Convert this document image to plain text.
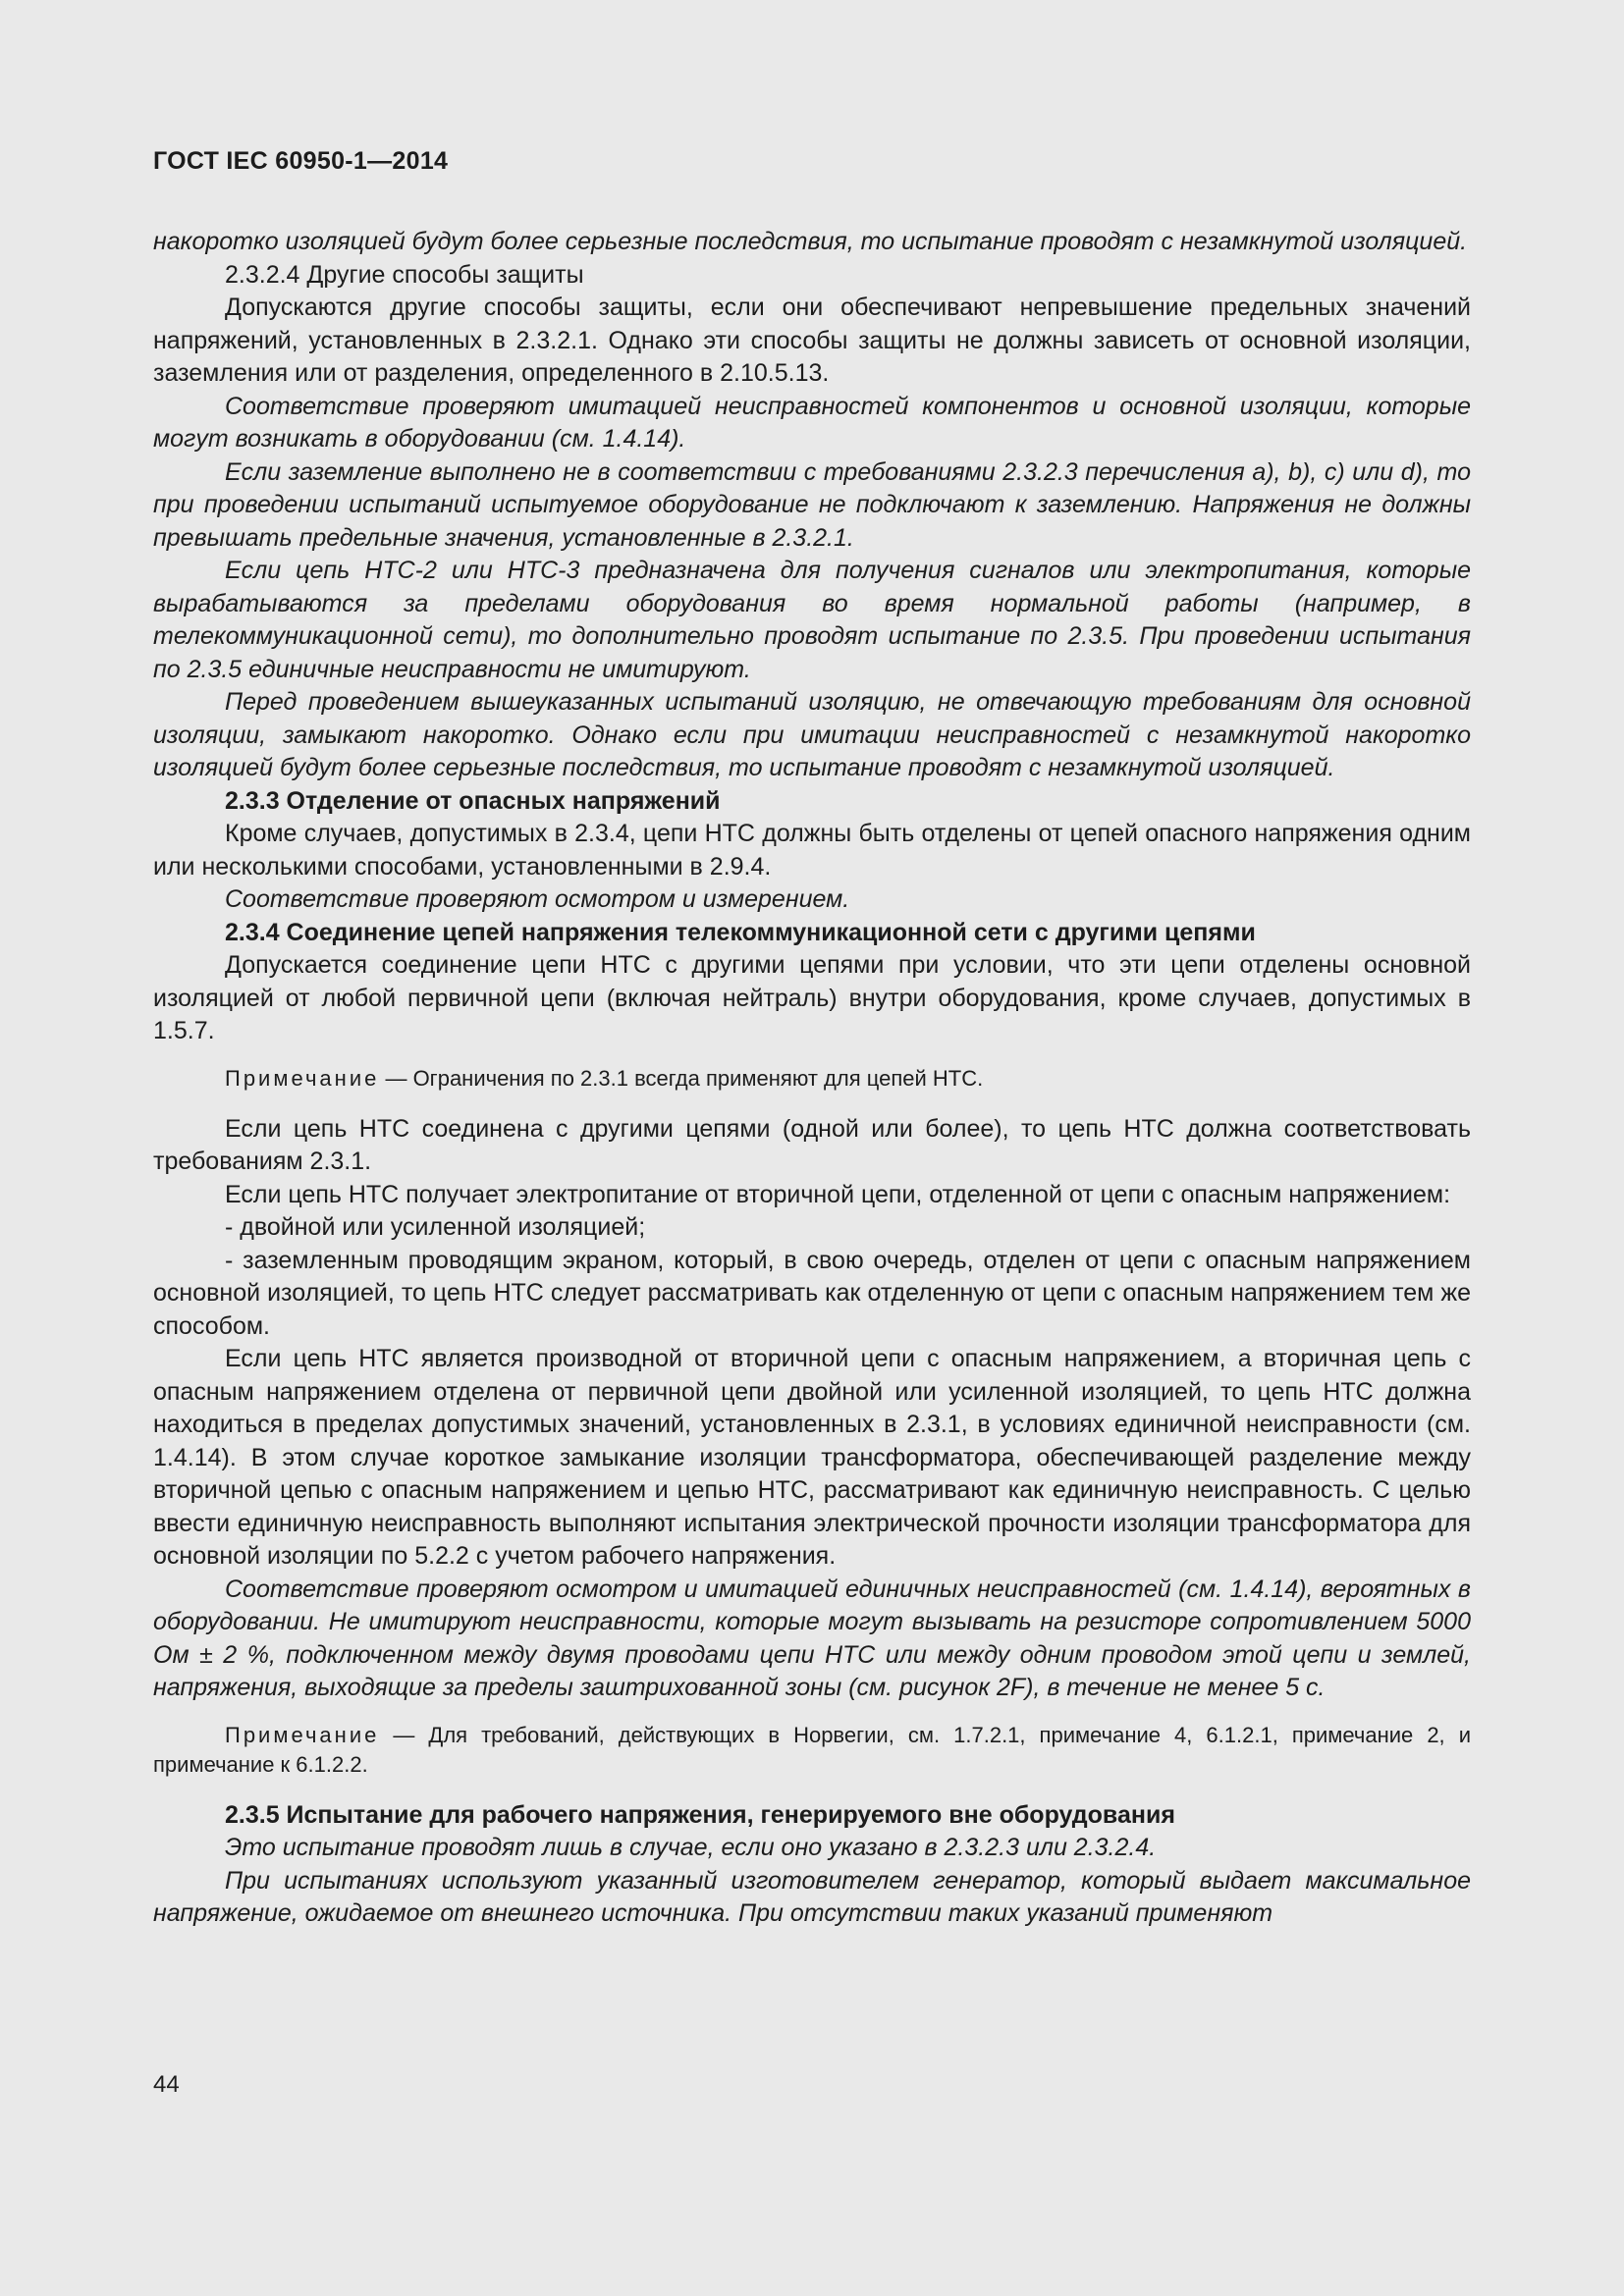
ГОСТ IEC 60950-1—2014

накоротко изоляцией будут более серьезные последствия, то испытание проводят с незамкнутой изоляцией.

2.3.2.4 Другие способы защиты

Допускаются другие способы защиты, если они обеспечивают непревышение предельных значений напряжений, установленных в 2.3.2.1. Однако эти способы защиты не должны зависеть от основной изоляции, заземления или от разделения, определенного в 2.10.5.13.

Соответствие проверяют имитацией неисправностей компонентов и основной изоляции, которые могут возникать в оборудовании (см. 1.4.14).

Если заземление выполнено не в соответствии с требованиями 2.3.2.3 перечисления a), b), c) или d), то при проведении испытаний испытуемое оборудование не подключают к заземлению. Напряжения не должны превышать предельные значения, установленные в 2.3.2.1.

Если цепь НТС-2 или НТС-3 предназначена для получения сигналов или электропитания, которые вырабатываются за пределами оборудования во время нормальной работы (например, в телекоммуникационной сети), то дополнительно проводят испытание по 2.3.5. При проведении испытания по 2.3.5 единичные неисправности не имитируют.

Перед проведением вышеуказанных испытаний изоляцию, не отвечающую требованиям для основной изоляции, замыкают накоротко. Однако если при имитации неисправностей с незамкнутой накоротко изоляцией будут более серьезные последствия, то испытание проводят с незамкнутой изоляцией.

2.3.3 Отделение от опасных напряжений

Кроме случаев, допустимых в 2.3.4, цепи НТС должны быть отделены от цепей опасного напряжения одним или несколькими способами, установленными в 2.9.4.

Соответствие проверяют осмотром и измерением.

2.3.4 Соединение цепей напряжения телекоммуникационной сети с другими цепями

Допускается соединение цепи НТС с другими цепями при условии, что эти цепи отделены основной изоляцией от любой первичной цепи (включая нейтраль) внутри оборудования, кроме случаев, допустимых в 1.5.7.

Примечание — Ограничения по 2.3.1 всегда применяют для цепей НТС.

Если цепь НТС соединена с другими цепями (одной или более), то цепь НТС должна соответствовать требованиям 2.3.1.

Если цепь НТС получает электропитание от вторичной цепи, отделенной от цепи с опасным напряжением:

- двойной или усиленной изоляцией;

- заземленным проводящим экраном, который, в свою очередь, отделен от цепи с опасным напряжением основной изоляцией, то цепь НТС следует рассматривать как отделенную от цепи с опасным напряжением тем же способом.

Если цепь НТС является производной от вторичной цепи с опасным напряжением, а вторичная цепь с опасным напряжением отделена от первичной цепи двойной или усиленной изоляцией, то цепь НТС должна находиться в пределах допустимых значений, установленных в 2.3.1, в условиях единичной неисправности (см. 1.4.14). В этом случае короткое замыкание изоляции трансформатора, обеспечивающей разделение между вторичной цепью с опасным напряжением и цепью НТС, рассматривают как единичную неисправность. С целью ввести единичную неисправность выполняют испытания электрической прочности изоляции трансформатора для основной изоляции по 5.2.2 с учетом рабочего напряжения.

Соответствие проверяют осмотром и имитацией единичных неисправностей (см. 1.4.14), вероятных в оборудовании. Не имитируют неисправности, которые могут вызывать на резисторе сопротивлением 5000 Ом ± 2 %, подключенном между двумя проводами цепи НТС или между одним проводом этой цепи и землей, напряжения, выходящие за пределы заштрихованной зоны (см. рисунок 2F), в течение не менее 5 с.

Примечание — Для требований, действующих в Норвегии, см. 1.7.2.1, примечание 4, 6.1.2.1, примечание 2, и примечание к 6.1.2.2.

2.3.5 Испытание для рабочего напряжения, генерируемого вне оборудования

Это испытание проводят лишь в случае, если оно указано в 2.3.2.3 или 2.3.2.4.

При испытаниях используют указанный изготовителем генератор, который выдает максимальное напряжение, ожидаемое от внешнего источника. При отсутствии таких указаний применяют

44
